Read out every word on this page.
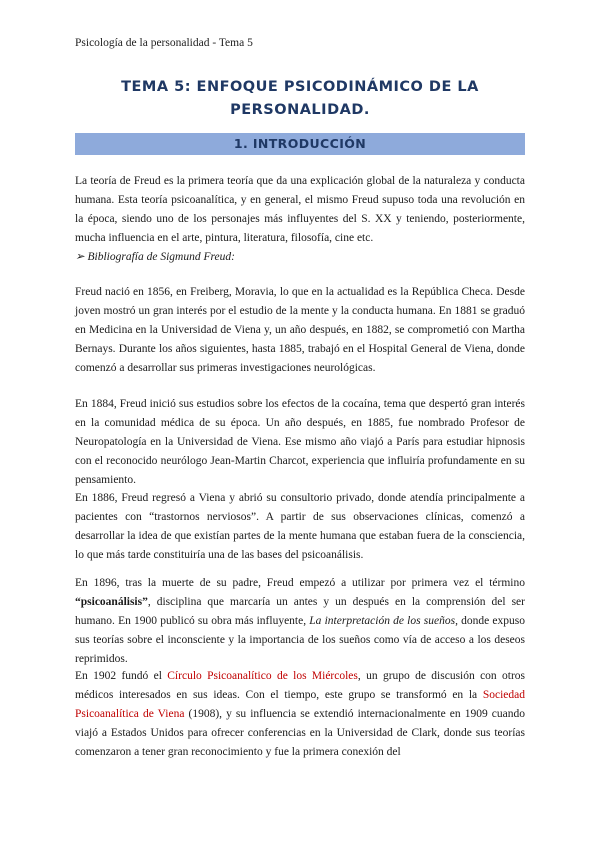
Psicología de la personalidad - Tema 5
TEMA 5: ENFOQUE PSICODINÁMICO DE LA PERSONALIDAD.
1. INTRODUCCIÓN

La teoría de Freud es la primera teoría que da una explicación global de la naturaleza y conducta humana. Esta teoría psicoanalítica, y en general, el mismo Freud supuso toda una revolución en la época, siendo uno de los personajes más influyentes del S. XX y teniendo, posteriormente, mucha influencia en el arte, pintura, literatura, filosofía, cine etc.

➢ Bibliografía de Sigmund Freud:

Freud nació en 1856, en Freiberg, Moravia, lo que en la actualidad es la República Checa. Desde joven mostró un gran interés por el estudio de la mente y la conducta humana. En 1881 se graduó en Medicina en la Universidad de Viena y, un año después, en 1882, se comprometió con Martha Bernays. Durante los años siguientes, hasta 1885, trabajó en el Hospital General de Viena, donde comenzó a desarrollar sus primeras investigaciones neurológicas.

En 1884, Freud inició sus estudios sobre los efectos de la cocaína, tema que despertó gran interés en la comunidad médica de su época. Un año después, en 1885, fue nombrado Profesor de Neuropatología en la Universidad de Viena. Ese mismo año viajó a París para estudiar hipnosis con el reconocido neurólogo Jean-Martin Charcot, experiencia que influiría profundamente en su pensamiento.

En 1886, Freud regresó a Viena y abrió su consultorio privado, donde atendía principalmente a pacientes con “trastornos nerviosos”. A partir de sus observaciones clínicas, comenzó a desarrollar la idea de que existían partes de la mente humana que estaban fuera de la consciencia, lo que más tarde constituiría una de las bases del psicoanálisis.

En 1896, tras la muerte de su padre, Freud empezó a utilizar por primera vez el término “psicoanálisis”, disciplina que marcaría un antes y un después en la comprensión del ser humano. En 1900 publicó su obra más influyente, La interpretación de los sueños, donde expuso sus teorías sobre el inconsciente y la importancia de los sueños como vía de acceso a los deseos reprimidos.

En 1902 fundó el Círculo Psicoanalítico de los Miércoles, un grupo de discusión con otros médicos interesados en sus ideas. Con el tiempo, este grupo se transformó en la Sociedad Psicoanalítica de Viena (1908), y su influencia se extendió internacionalmente en 1909 cuando viajó a Estados Unidos para ofrecer conferencias en la Universidad de Clark, donde sus teorías comenzaron a tener gran reconocimiento y fue la primera conexión del
